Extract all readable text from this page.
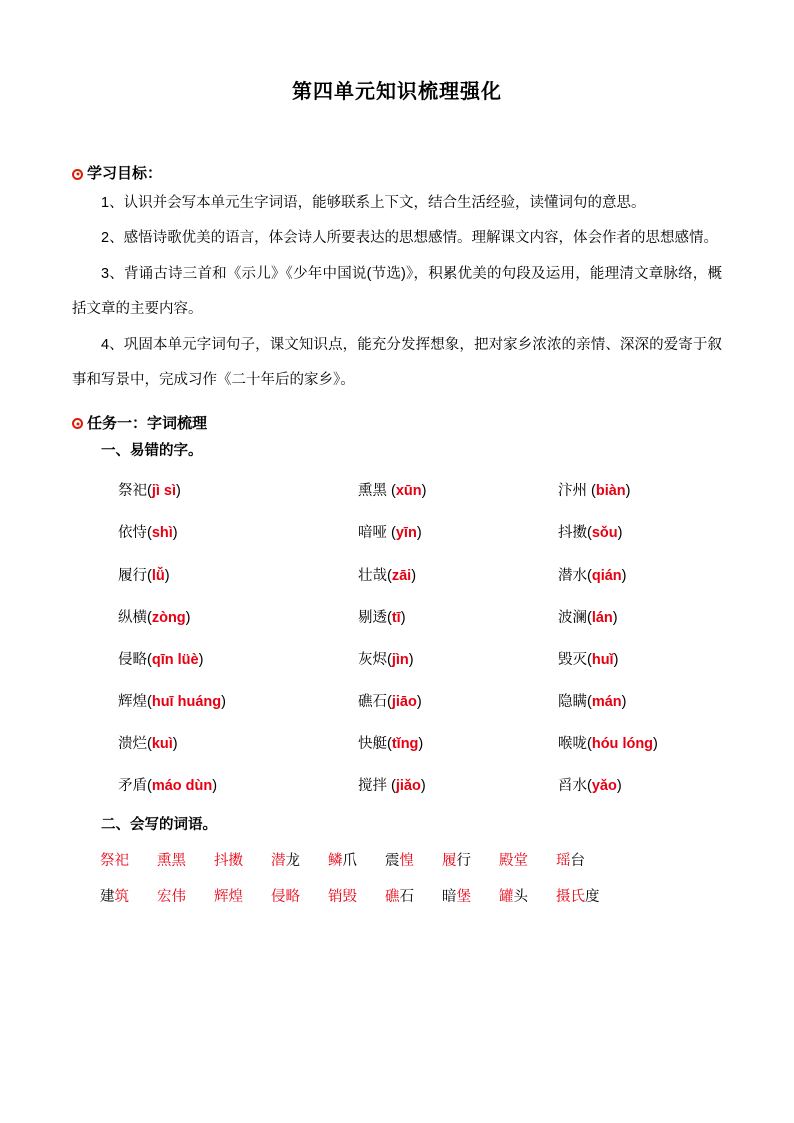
第四单元知识梳理强化
学习目标：

1、认识并会写本单元生字词语，能够联系上下文，结合生活经验，读懂词句的意思。

2、感悟诗歌优美的语言，体会诗人所要表达的思想感情。理解课文内容，体会作者的思想感情。

3、背诵古诗三首和《示儿》《少年中国说(节选)》，积累优美的句段及运用，能理清文章脉络，概括文章的主要内容。

4、巩固本单元字词句子，课文知识点，能充分发挥想象，把对家乡浓浓的亲情、深深的爱寄于叙事和写景中，完成习作《二十年后的家乡》。

任务一：字词梳理

一、易错的字。

	祭祀(jì sì)	熏黑 (xūn)	汴州 (biàn)
	依恃(shì)	喑哑 (yīn)	抖擞(sǒu)
	履行(lǚ)	壮哉(zāi)	潜水(qián)
	纵横(zòng)	剔透(tī)	波澜(lán)
	侵略(qīn lüè)	灰烬(jìn)	毁灭(huǐ)
	辉煌(huī huáng)	礁石(jiāo)	隐瞒(mán)
	溃烂(kuì)	快艇(tǐng)	喉咙(hóu lóng)
	矛盾(máo dùn)	搅拌 (jiǎo)	舀水(yǎo)

二、会写的词语。

祭祀 熏黑 抖擞 潜龙 鳞爪 震惶 履行 殿堂 瑶台
建筑 宏伟 辉煌 侵略 销毁 礁石 暗堡 罐头 摄氏度
